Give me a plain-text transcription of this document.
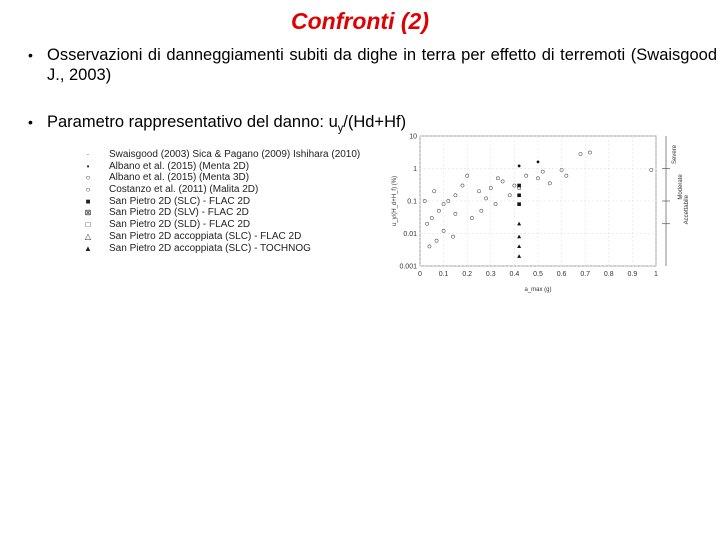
Confronti (2)
• Osservazioni di danneggiamenti subiti da dighe in terra per effetto di terremoti (Swaisgood J., 2003)
• Parametro rappresentativo del danno: $u_y/(Hd+Hf)$
·	Swaisgood (2003) Sica & Pagano (2009) Ishihara (2010)
•	Albano et al. (2015) (Menta 2D)
○	Albano et al. (2015) (Menta 3D)
○	Costanzo et al. (2011) (Malita 2D)
■	San Pietro 2D (SLC) - FLAC 2D
⊠ San Pietro 2D (SLV) - FLAC 2D
□	San Pietro 2D (SLD) - FLAC 2D
△ San Pietro 2D accoppiata (SLC) - FLAC 2D
▲ San Pietro 2D accoppiata (SLC) - TOCHNOG
0 0.1 0.2 0.3 0.4 0.5 0.6 0.7 0.8 0.9 1
0.001
0.01
0.1
1
10
a_max (g)
u_y/(H_d+H_f) (%)
Severe
Moderate
Accettabile
